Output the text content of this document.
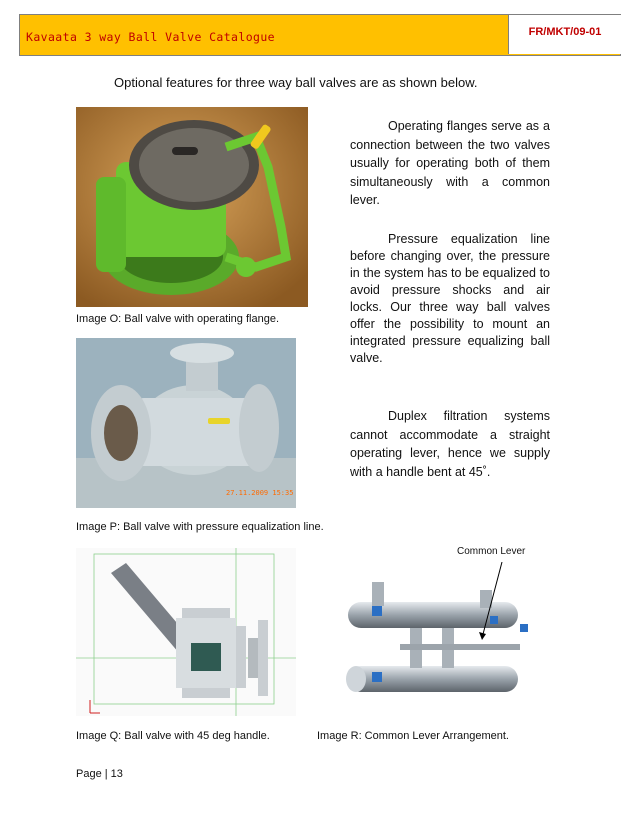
Kavaata 3 way Ball Valve Catalogue	FR/MKT/09-01
Optional features for three way ball valves are as shown below.
Image O: Ball valve with operating flange.
27.11.2009 15:35
Image P: Ball valve with pressure equalization line.
Operating flanges serve as a connection between the two valves usually for operating both of them simultaneously with a common lever.
Pressure equalization line before changing over, the pressure in the system has to be equalized to avoid pressure shocks and air locks. Our three way ball valves offer the possibility to mount an integrated pressure equalizing ball valve.
Duplex filtration systems cannot accommodate a straight operating lever, hence we supply with a handle bent at 45˚.
Image Q: Ball valve with 45 deg handle.
Common Lever
Image R: Common Lever Arrangement.
Page | 13
